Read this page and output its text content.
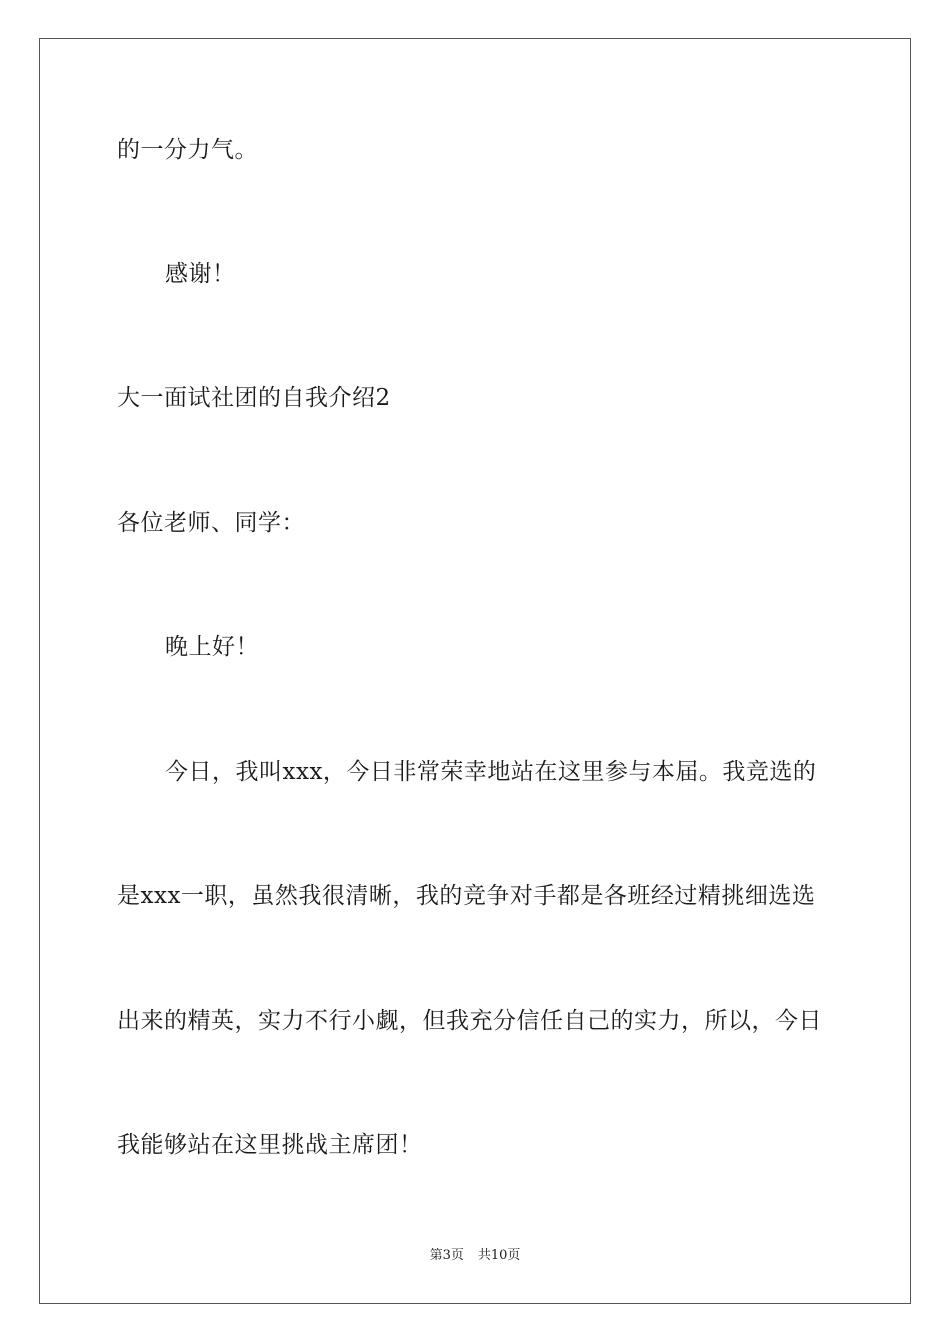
的一分力气。
感谢！
大一面试社团的自我介绍2
各位老师、同学：
晚上好！
今日，我叫xxx，今日非常荣幸地站在这里参与本届。我竞选的
是xxx一职，虽然我很清晰，我的竞争对手都是各班经过精挑细选选
出来的精英，实力不行小觑，但我充分信任自己的实力，所以，今日
我能够站在这里挑战主席团！
第3页 共10页
